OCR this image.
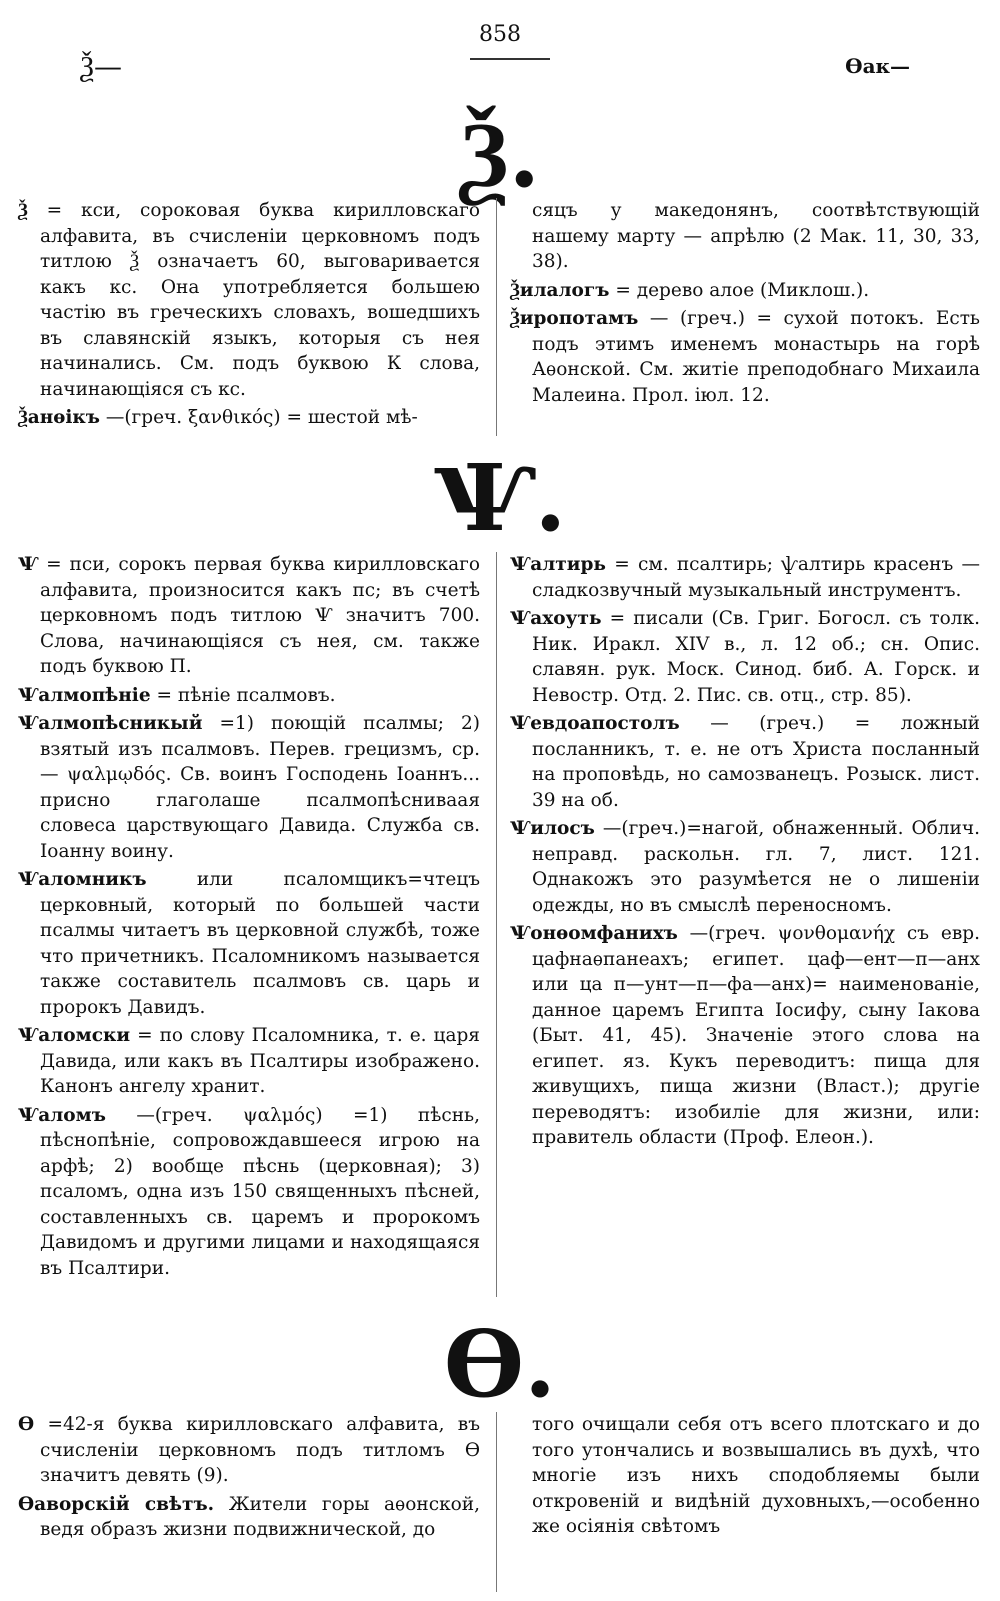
Ѯ—
858
Ѳак—
Ѯ.

Ѯ = кси, сороковая буква кирилловскаго алфавита, въ счисленіи церковномъ подъ титлою Ѯ означаетъ 60, выговаривается какъ кс. Она употребляется большею частію въ греческихъ словахъ, вошедшихъ въ славянскій языкъ, которыя съ нея начинались. См. подъ буквою К слова, начинающіяся съ кс.

Ѯанѳікъ —(греч. ξανθικός) = шестой мѣ-

сяцъ у македонянъ, соотвѣтствующій нашему марту — апрѣлю (2 Мак. 11, 30, 33, 38).

Ѯилалогъ = дерево алое (Миклош.).

Ѯиропотамъ — (греч.) = сухой потокъ. Есть подъ этимъ именемъ монастырь на горѣ Аѳонской. См. житіе преподобнаго Михаила Малеина. Прол. іюл. 12.

Ѱ.

Ѱ = пси, сорокъ первая буква кирилловскаго алфавита, произносится какъ пс; въ счетѣ церковномъ подъ титлою Ѱ значитъ 700. Слова, начинающіяся съ нея, см. также подъ буквою П.

Ѱалмопѣніе = пѣніе псалмовъ.

Ѱалмопѣсникый =1) поющій псалмы; 2) взятый изъ псалмовъ. Перев. грецизмъ, ср. — ψαλμῳδός. Св. воинъ Господень Іоаннъ... присно глаголаше псалмопѣсниваая словеса царствующаго Давида. Служба св. Іоанну воину.

Ѱаломникъ	или псаломщикъ=чтецъ церковный, который по большей части псалмы читаетъ въ церковной службѣ, тоже что причетникъ. Псаломникомъ называется также составитель псалмовъ св. царь и пророкъ Давидъ.

Ѱаломски = по слову Псаломника, т. е. царя Давида, или какъ въ Псалтиры изображено. Канонъ ангелу хранит.

Ѱаломъ —(греч. ψαλμός) =1) пѣснь, пѣснопѣніе, сопровождавшееся игрою на арфѣ; 2) вообще пѣснь (церковная); 3) псаломъ, одна изъ 150 священныхъ пѣсней, составленныхъ св. царемъ и пророкомъ Давидомъ и другими лицами и находящаяся въ Псалтири.

Ѱалтирь = см. псалтирь; ѱалтирь красенъ — сладкозвучный музыкальный инструментъ.

Ѱахоуть = писали (Св. Григ. Богосл. съ толк. Ник. Иракл. XIV в., л. 12 об.; сн. Опис. славян. рук. Моск. Синод. биб. А. Горск. и Невостр. Отд. 2. Пис. св. отц., стр. 85).

Ѱевдоапостолъ — (греч.) = ложный посланникъ, т. е. не отъ Христа посланный на проповѣдь, но самозванецъ. Розыск. лист. 39 на об.

Ѱилосъ —(греч.)=нагой, обнаженный. Облич. неправд. раскольн. гл. 7, лист. 121. Однакожъ это разумѣется не о лишеніи одежды, но въ смыслѣ переносномъ.

Ѱонѳомфанихъ —(греч. ψονθομανήχ съ евр. цафнаѳпанеахъ; египет. цаф—ент—п—анх или ца п—унт—п—фа—анх)= наименованіе, данное царемъ Египта Іосифу, сыну Іакова (Быт. 41, 45). Значеніе этого слова на египет. яз. Кукъ переводитъ: пища для живущихъ, пища жизни (Власт.); другіе переводятъ: изобиліе для жизни, или: правитель области (Проф. Елеон.).

Ѳ.

Ѳ =42-я буква кирилловскаго алфавита, въ счисленіи церковномъ подъ титломъ Ѳ значитъ девять (9).

Ѳаворскій свѣтъ. Жители горы аѳонской, ведя образъ жизни подвижнической, до

того очищали себя отъ всего плотскаго и до того утончались и возвышались въ духѣ, что многіе изъ нихъ сподобляемы были откровеній и видѣній духовныхъ,—особенно же осіянія свѣтомъ
